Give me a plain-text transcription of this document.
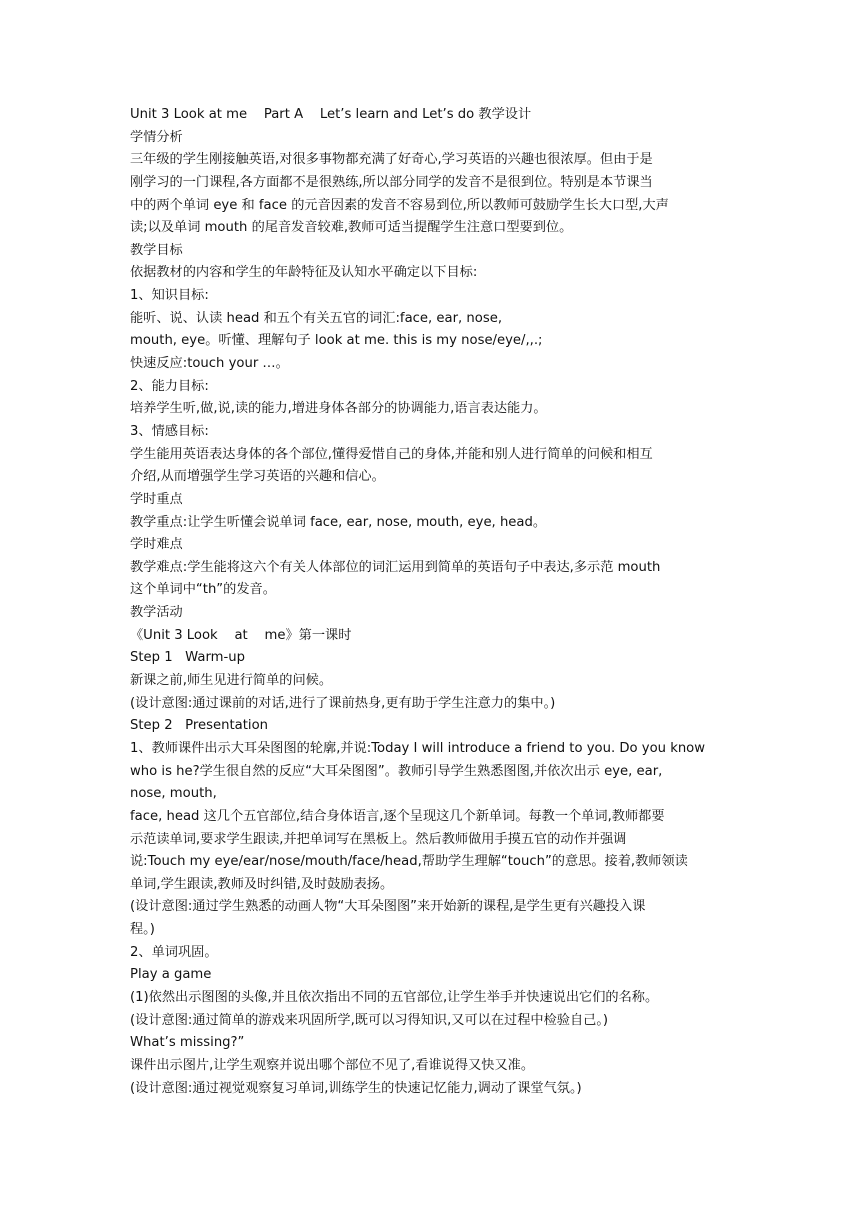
Unit 3 Look at me    Part A    Let’s learn and Let’s do 教学设计
学情分析
三年级的学生刚接触英语,对很多事物都充满了好奇心,学习英语的兴趣也很浓厚。但由于是
刚学习的一门课程,各方面都不是很熟练,所以部分同学的发音不是很到位。特别是本节课当
中的两个单词 eye 和 face 的元音因素的发音不容易到位,所以教师可鼓励学生长大口型,大声
读;以及单词 mouth 的尾音发音较难,教师可适当提醒学生注意口型要到位。
教学目标
依据教材的内容和学生的年龄特征及认知水平确定以下目标:
1、知识目标:
能听、说、认读 head 和五个有关五官的词汇:face, ear, nose,
mouth, eye。听懂、理解句子 look at me. this is my nose/eye/,,.;
快速反应:touch your …。
2、能力目标:
培养学生听,做,说,读的能力,增进身体各部分的协调能力,语言表达能力。
3、情感目标:
学生能用英语表达身体的各个部位,懂得爱惜自己的身体,并能和别人进行简单的问候和相互
介绍,从而增强学生学习英语的兴趣和信心。
学时重点
教学重点:让学生听懂会说单词 face, ear, nose, mouth, eye, head。
学时难点
教学难点:学生能将这六个有关人体部位的词汇运用到简单的英语句子中表达,多示范 mouth
这个单词中“th”的发音。
教学活动
《Unit 3 Look    at    me》第一课时
Step 1   Warm-up
新课之前,师生见进行简单的问候。
(设计意图:通过课前的对话,进行了课前热身,更有助于学生注意力的集中。)
Step 2   Presentation
1、教师课件出示大耳朵图图的轮廓,并说:Today I will introduce a friend to you. Do you know
who is he?学生很自然的反应“大耳朵图图”。教师引导学生熟悉图图,并依次出示 eye, ear,
nose, mouth,
face, head 这几个五官部位,结合身体语言,逐个呈现这几个新单词。每教一个单词,教师都要
示范读单词,要求学生跟读,并把单词写在黑板上。然后教师做用手摸五官的动作并强调
说:Touch my eye/ear/nose/mouth/face/head,帮助学生理解“touch”的意思。接着,教师领读
单词,学生跟读,教师及时纠错,及时鼓励表扬。
(设计意图:通过学生熟悉的动画人物“大耳朵图图”来开始新的课程,是学生更有兴趣投入课
程。)
2、单词巩固。
Play a game
(1)依然出示图图的头像,并且依次指出不同的五官部位,让学生举手并快速说出它们的名称。
(设计意图:通过简单的游戏来巩固所学,既可以习得知识,又可以在过程中检验自己。)
What’s missing?”
课件出示图片,让学生观察并说出哪个部位不见了,看谁说得又快又准。
(设计意图:通过视觉观察复习单词,训练学生的快速记忆能力,调动了课堂气氛。)
